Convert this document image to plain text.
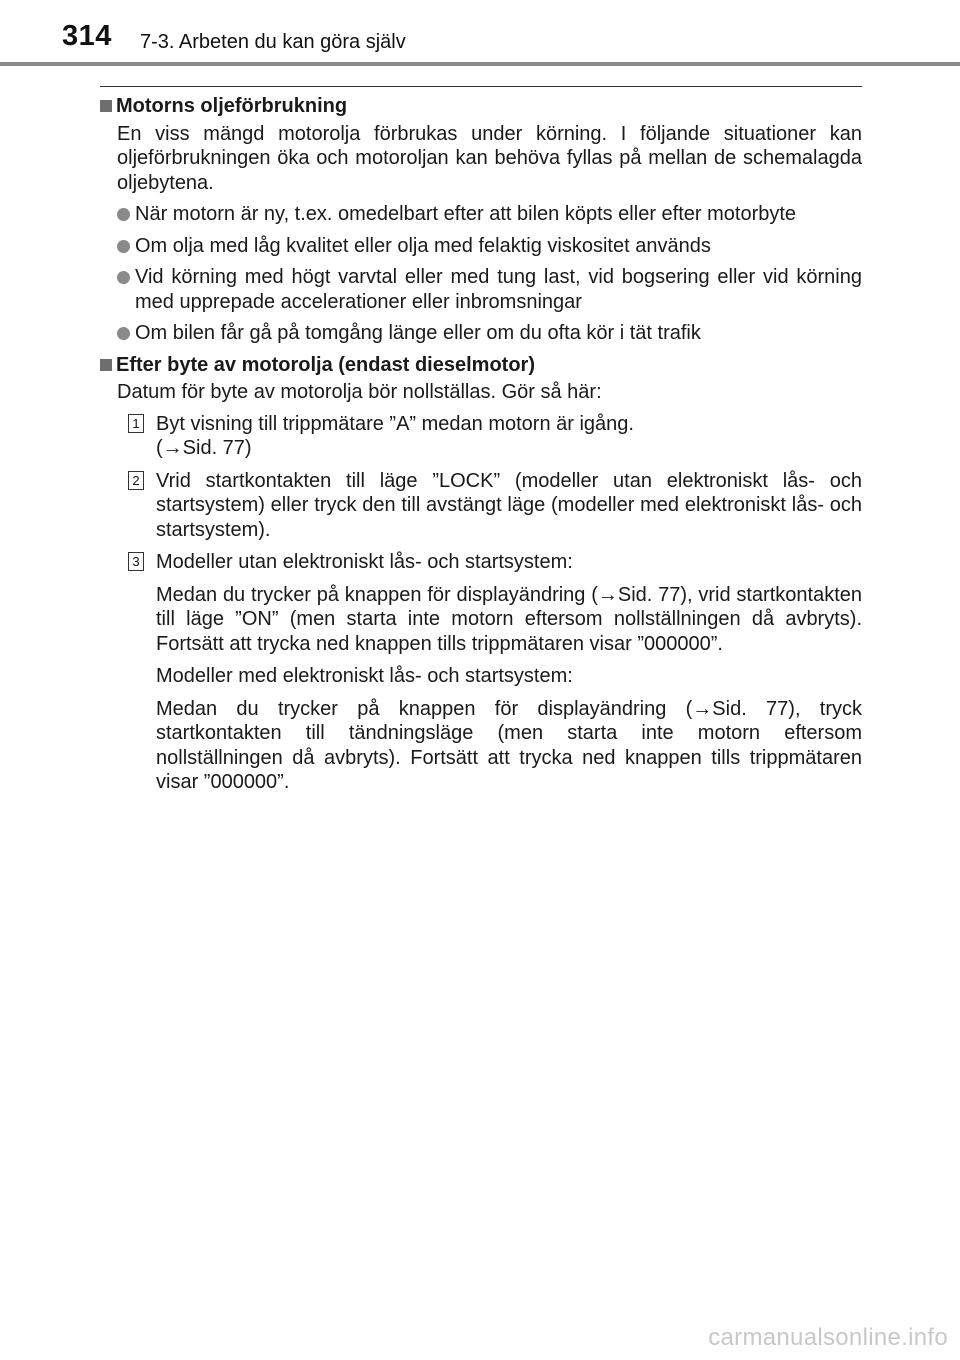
314 7-3. Arbeten du kan göra själv
Motorns oljeförbrukning

En viss mängd motorolja förbrukas under körning. I följande situationer kan oljeförbrukningen öka och motoroljan kan behöva fyllas på mellan de schemalagda oljebytena.

När motorn är ny, t.ex. omedelbart efter att bilen köpts eller efter motorbyte
Om olja med låg kvalitet eller olja med felaktig viskositet används
Vid körning med högt varvtal eller med tung last, vid bogsering eller vid körning med upprepade accelerationer eller inbromsningar
Om bilen får gå på tomgång länge eller om du ofta kör i tät trafik
Efter byte av motorolja (endast dieselmotor)

Datum för byte av motorolja bör nollställas. Gör så här:

1 Byt visning till trippmätare ”A” medan motorn är igång.
(→Sid. 77)
2 Vrid startkontakten till läge ”LOCK” (modeller utan elektroniskt lås- och startsystem) eller tryck den till avstängt läge (modeller med elektroniskt lås- och startsystem).
3 Modeller utan elektroniskt lås- och startsystem:

Medan du trycker på knappen för displayändring (→Sid. 77), vrid startkontakten till läge ”ON” (men starta inte motorn eftersom nollställningen då avbryts). Fortsätt att trycka ned knappen tills trippmätaren visar ”000000”.

Modeller med elektroniskt lås- och startsystem:

Medan du trycker på knappen för displayändring (→Sid. 77), tryck startkontakten till tändningsläge (men starta inte motorn eftersom nollställningen då avbryts). Fortsätt att trycka ned knappen tills trippmätaren visar ”000000”.

carmanualsonline.info
